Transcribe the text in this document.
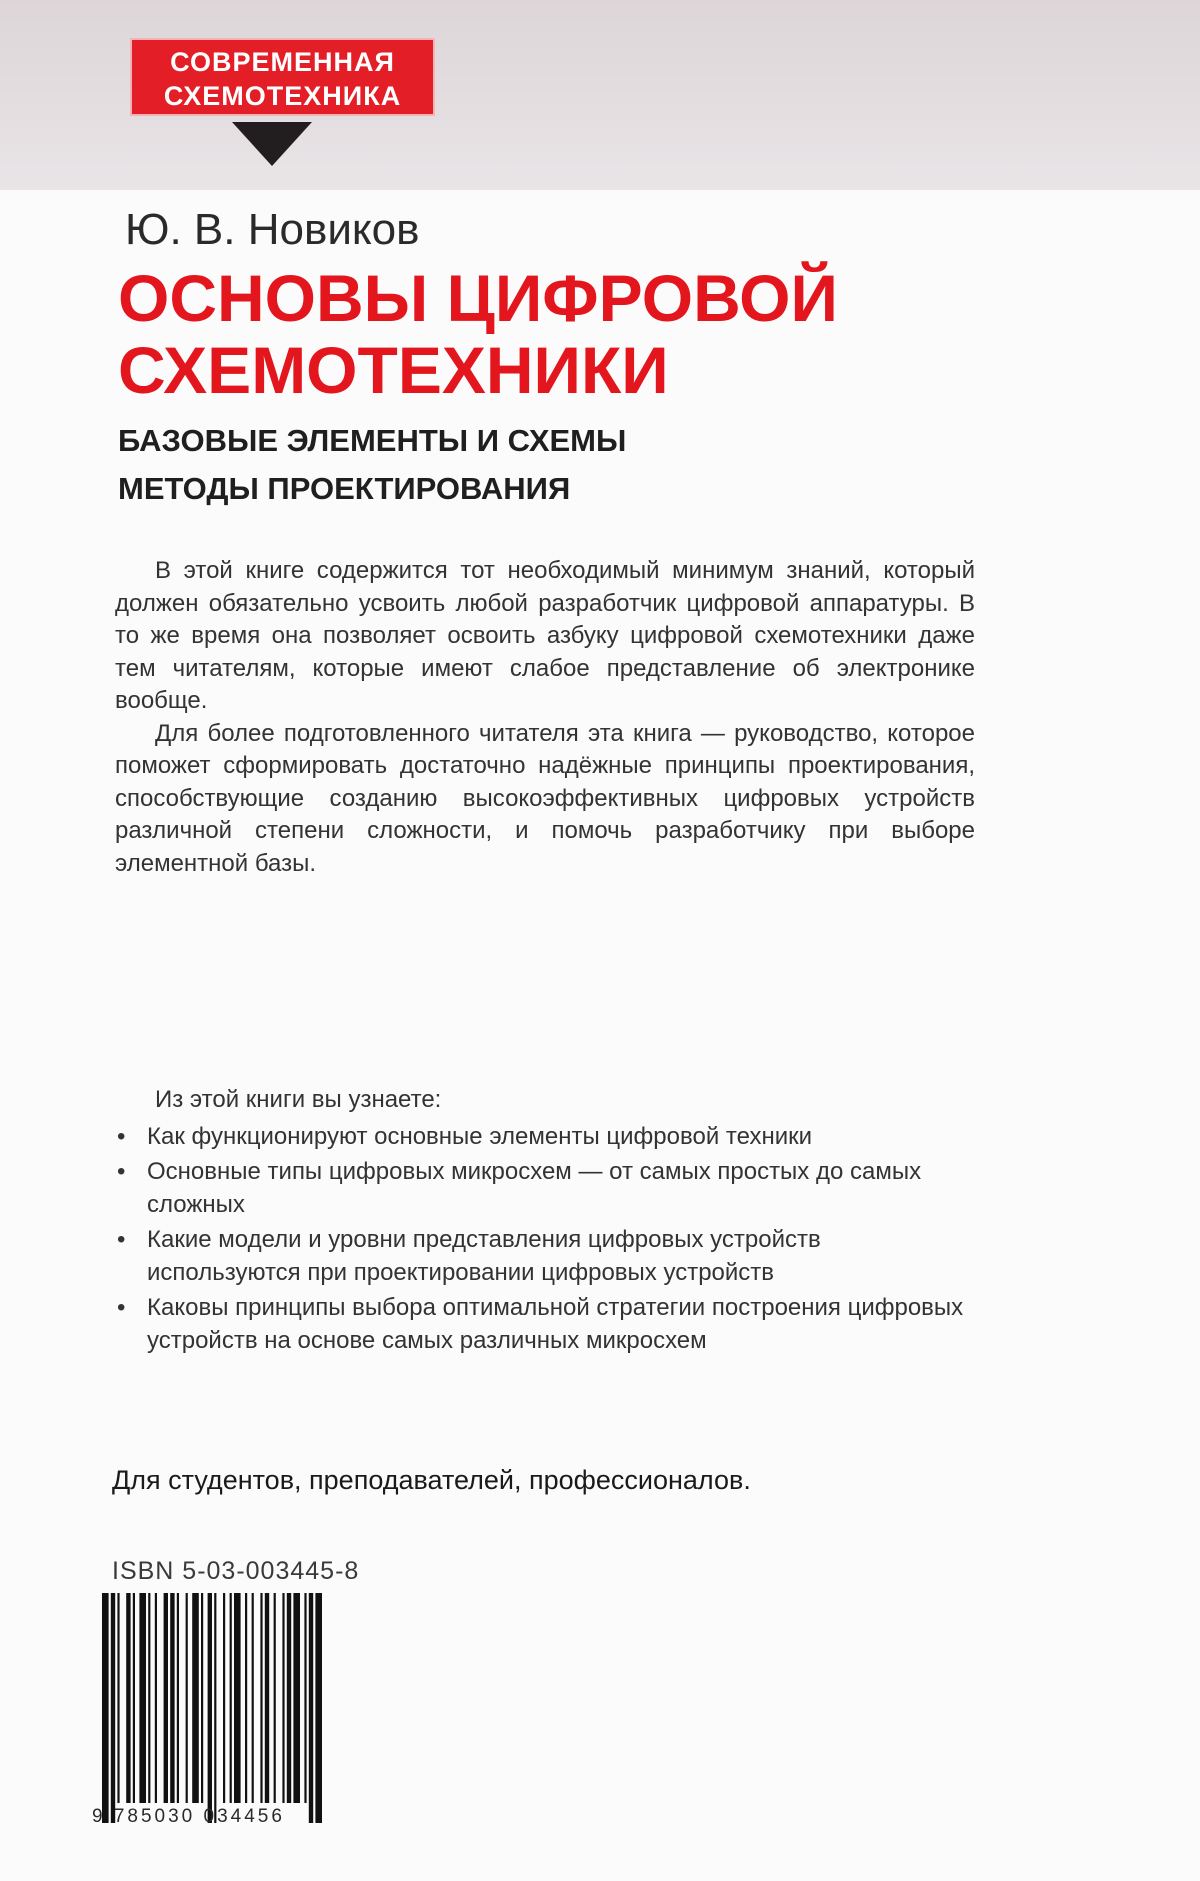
СОВРЕМЕННАЯ
СХЕМОТЕХНИКА
Ю. В. Новиков
ОСНОВЫ ЦИФРОВОЙ
СХЕМОТЕХНИКИ
БАЗОВЫЕ ЭЛЕМЕНТЫ И СХЕМЫ
МЕТОДЫ ПРОЕКТИРОВАНИЯ

В этой книге содержится тот необходимый минимум знаний, который должен обязательно усвоить любой разработчик цифровой аппаратуры. В то же время она позволяет освоить азбуку цифровой схемотехники даже тем читателям, которые имеют слабое представление об электронике вообще.

Для более подготовленного читателя эта книга — руководство, которое поможет сформировать достаточно надёжные принципы проектирования, способствующие созданию высокоэффективных цифровых устройств различной степени сложности, и помочь разработчику при выборе элементной базы.

Из этой книги вы узнаете:

• Как функционируют основные элементы цифровой техники
• Основные типы цифровых микросхем — от самых простых до самых сложных
• Какие модели и уровни представления цифровых устройств используются при проектировании цифровых устройств
• Каковы принципы выбора оптимальной стратегии построения цифровых устройств на основе самых различных микросхем
Для студентов, преподавателей, профессионалов.
ISBN 5-03-003445-8
9 785030 034456
